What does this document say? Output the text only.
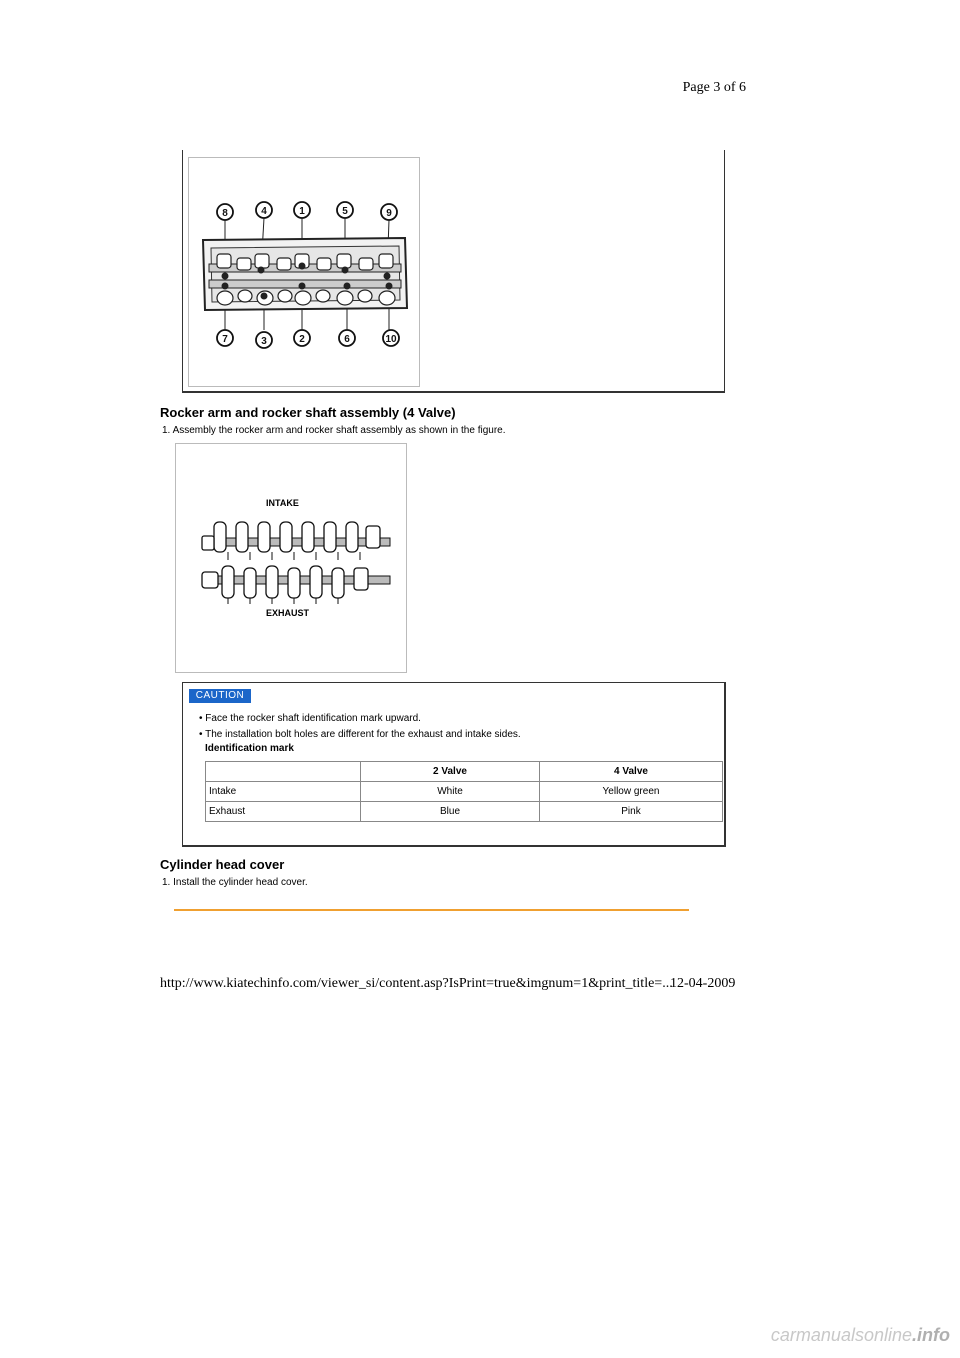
Page 3 of 6
8	4	1	5	9
7	3	2	6	10
Rocker arm and rocker shaft assembly (4 Valve)
1. Assembly the rocker arm and rocker shaft assembly as shown in the figure.
INTAKE
EXHAUST
CAUTION
• Face the rocker shaft identification mark upward.
• The installation bolt holes are different for the exhaust and intake sides.
Identification mark
	2 Valve	4 Valve
Intake	White	Yellow green
Exhaust	Blue	Pink
Cylinder head cover
1. Install the cylinder head cover.
http://www.kiatechinfo.com/viewer_si/content.asp?IsPrint=true&imgnum=1&print_title=...
12-04-2009
carmanualsonline.info
